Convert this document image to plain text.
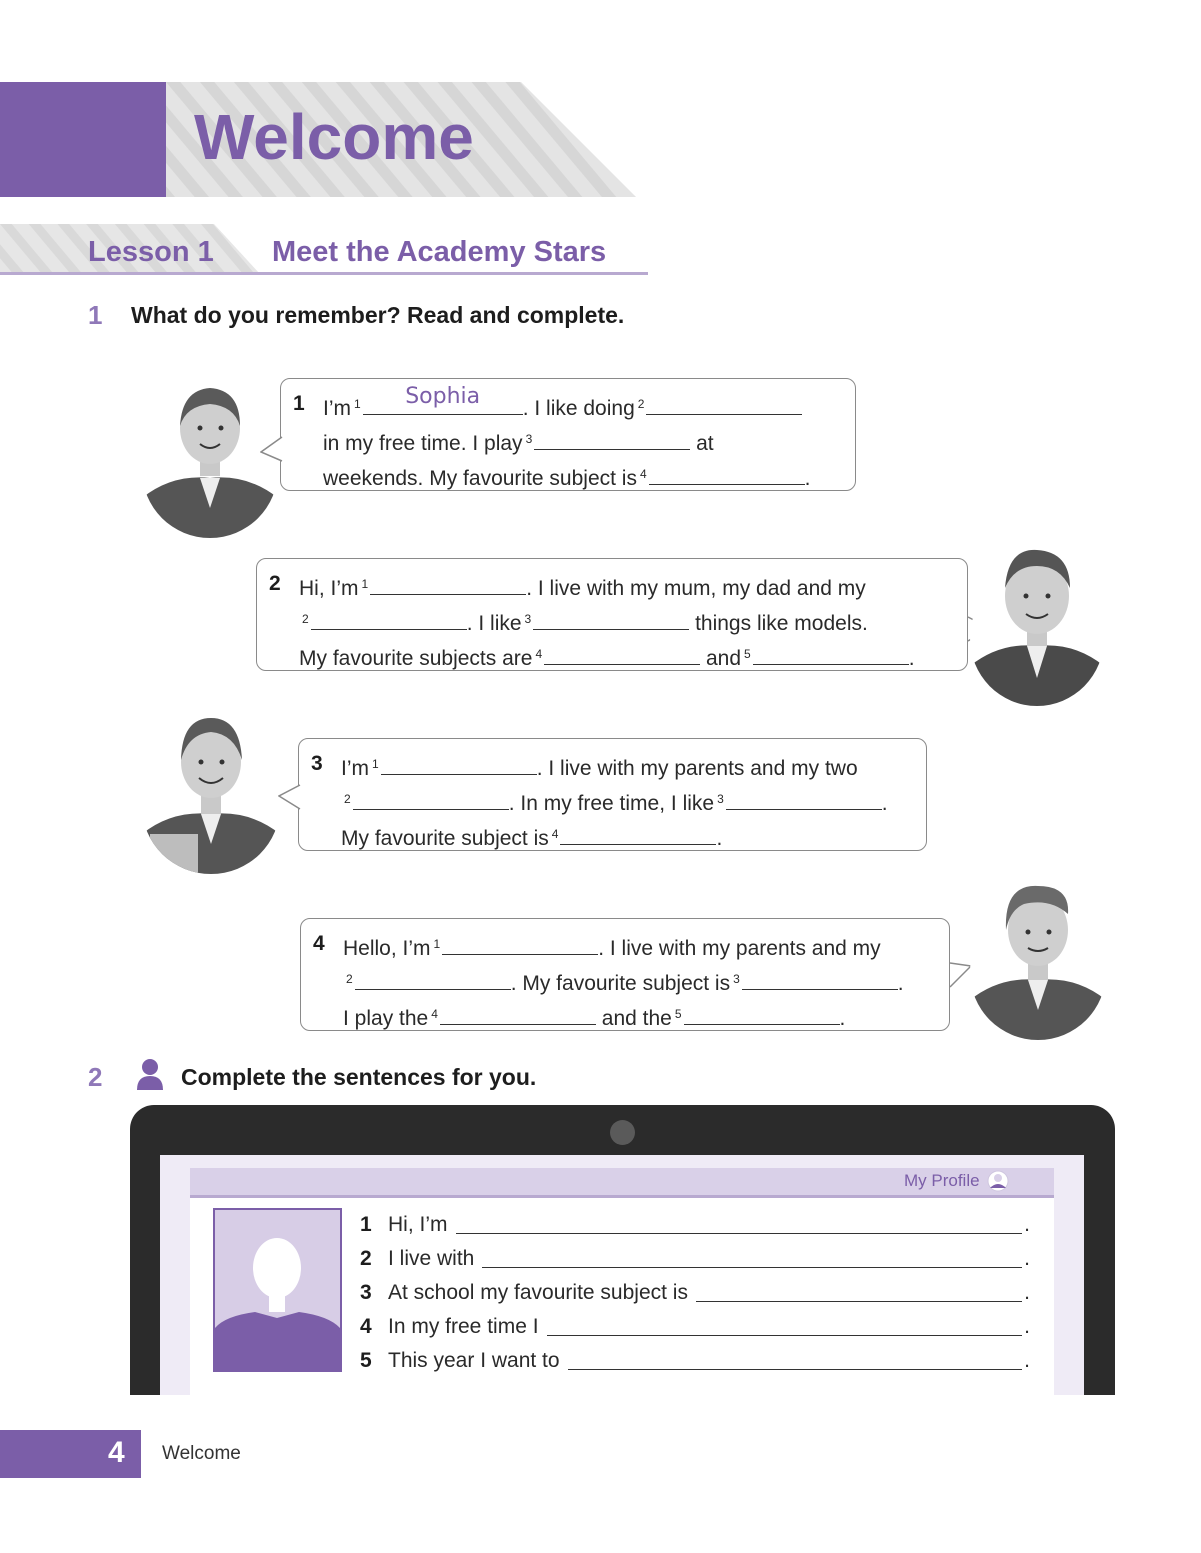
Welcome
Lesson 1 Meet the Academy Stars
1 What do you remember? Read and complete.
1 I’m $^1$	Sophia	. I like doing $^2$
in my free time. I play $^3$	at
weekends. My favourite subject is $^4$	.
2 Hi, I’m $^1$	. I live with my mum, my dad and my
$^2$	. I like $^3$	things like models.
My favourite subjects are $^4$	and $^5$	.
3 I’m $^1$	. I live with my parents and my two
$^2$	. In my free time, I like $^3$	.
My favourite subject is $^4$	.
4 Hello, I’m $^1$	. I live with my parents and my
$^2$	. My favourite subject is $^3$	.
I play the $^4$	and the $^5$	.
2	Complete the sentences for you.
My Profile
1 Hi, I’m	.
2 I live with	.
3 At school my favourite subject is	.
4 In my free time I	.
5 This year I want to	.
4 Welcome
